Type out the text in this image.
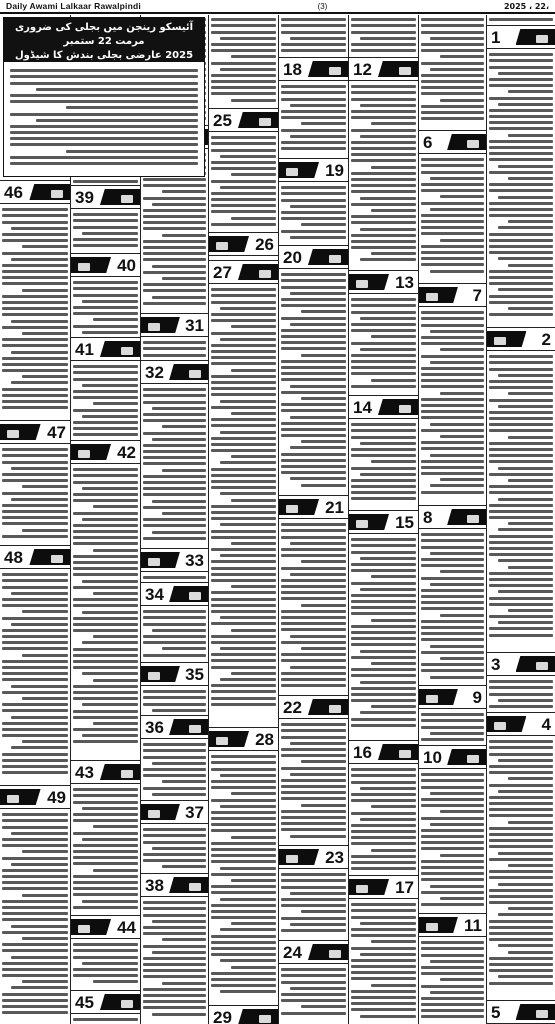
Daily Awami Lalkaar Rawalpindi	(3)	،22 ، 2025
46
47
48
49
39
40
41
42
43
44
45
31
32
33
34
35
36
37
38
25
26
27
28
29
18
19
20
21
22
23
24
12
13
14
15
16
17
6
7
8
9
10
11
1
2
3
4
5
آئیسکو رینجن میں بجلی کی ضروری مرمت 22 ستمبر
2025 عارضی بجلی بندش کا شیڈول
